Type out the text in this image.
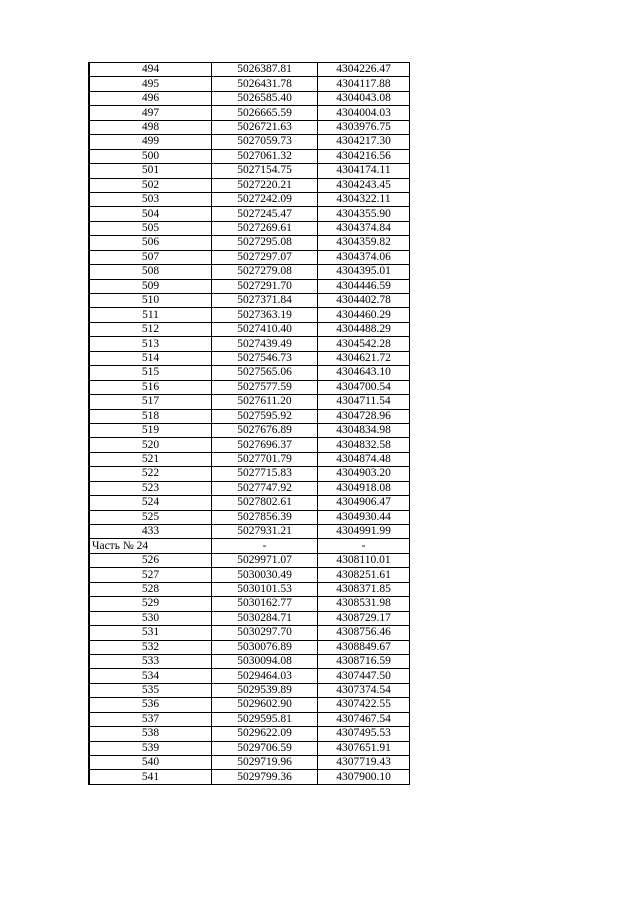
494	5026387.81	4304226.47
495	5026431.78	4304117.88
496	5026585.40	4304043.08
497	5026665.59	4304004.03
498	5026721.63	4303976.75
499	5027059.73	4304217.30
500	5027061.32	4304216.56
501	5027154.75	4304174.11
502	5027220.21	4304243.45
503	5027242.09	4304322.11
504	5027245.47	4304355.90
505	5027269.61	4304374.84
506	5027295.08	4304359.82
507	5027297.07	4304374.06
508	5027279.08	4304395.01
509	5027291.70	4304446.59
510	5027371.84	4304402.78
511	5027363.19	4304460.29
512	5027410.40	4304488.29
513	5027439.49	4304542.28
514	5027546.73	4304621.72
515	5027565.06	4304643.10
516	5027577.59	4304700.54
517	5027611.20	4304711.54
518	5027595.92	4304728.96
519	5027676.89	4304834.98
520	5027696.37	4304832.58
521	5027701.79	4304874.48
522	5027715.83	4304903.20
523	5027747.92	4304918.08
524	5027802.61	4304906.47
525	5027856.39	4304930.44
433	5027931.21	4304991.99
Часть № 24	-	-
526	5029971.07	4308110.01
527	5030030.49	4308251.61
528	5030101.53	4308371.85
529	5030162.77	4308531.98
530	5030284.71	4308729.17
531	5030297.70	4308756.46
532	5030076.89	4308849.67
533	5030094.08	4308716.59
534	5029464.03	4307447.50
535	5029539.89	4307374.54
536	5029602.90	4307422.55
537	5029595.81	4307467.54
538	5029622.09	4307495.53
539	5029706.59	4307651.91
540	5029719.96	4307719.43
541	5029799.36	4307900.10
